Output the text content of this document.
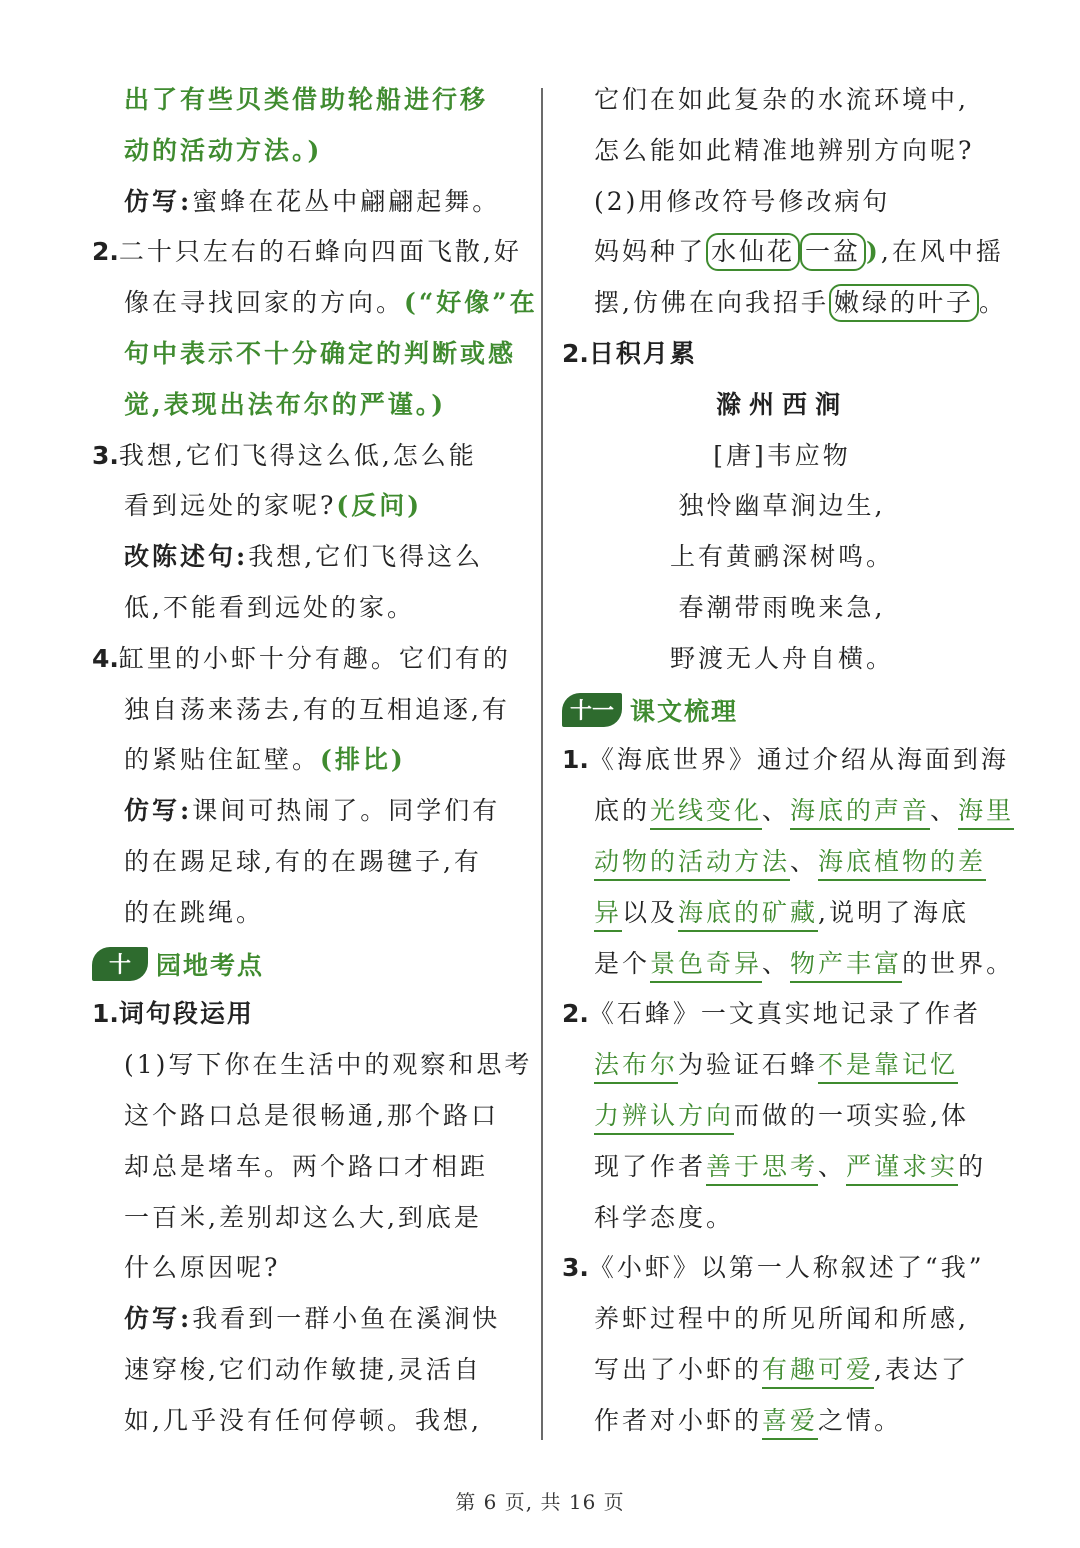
出了有些贝类借助轮船进行移
动的活动方法。)
仿写:蜜蜂在花丛中翩翩起舞。
2.二十只左右的石蜂向四面飞散,好
像在寻找回家的方向。(“好像”在
句中表示不十分确定的判断或感
觉,表现出法布尔的严谨。)
3.我想,它们飞得这么低,怎么能
看到远处的家呢?(反问)
改陈述句:我想,它们飞得这么
低,不能看到远处的家。
4.缸里的小虾十分有趣。它们有的
独自荡来荡去,有的互相追逐,有
的紧贴住缸壁。(排比)
仿写:课间可热闹了。同学们有
的在踢足球,有的在踢毽子,有
的在跳绳。
十	园地考点
1.词句段运用
(1)写下你在生活中的观察和思考
这个路口总是很畅通,那个路口
却总是堵车。两个路口才相距
一百米,差别却这么大,到底是
什么原因呢?
仿写:我看到一群小鱼在溪涧快
速穿梭,它们动作敏捷,灵活自
如,几乎没有任何停顿。我想,
它们在如此复杂的水流环境中,
怎么能如此精准地辨别方向呢?
(2)用修改符号修改病句
妈妈种了 水仙花 一盆 ),在风中摇
摆,仿佛在向我招手 嫩绿的叶子 。
2.日积月累
滁州西涧
[唐]韦应物
独怜幽草涧边生,
上有黄鹂深树鸣。
春潮带雨晚来急,
野渡无人舟自横。
十一 课文梳理
1.《海底世界》通过介绍从海面到海
底的光线变化、海底的声音、海里
动物的活动方法、海底植物的差
异以及海底的矿藏,说明了海底
是个景色奇异、物产丰富的世界。
2.《石蜂》一文真实地记录了作者
法布尔为验证石蜂不是靠记忆
力辨认方向而做的一项实验,体
现了作者善于思考、严谨求实的
科学态度。
3.《小虾》以第一人称叙述了“我”
养虾过程中的所见所闻和所感,
写出了小虾的有趣可爱,表达了
作者对小虾的喜爱之情。
第 6 页, 共 16 页
